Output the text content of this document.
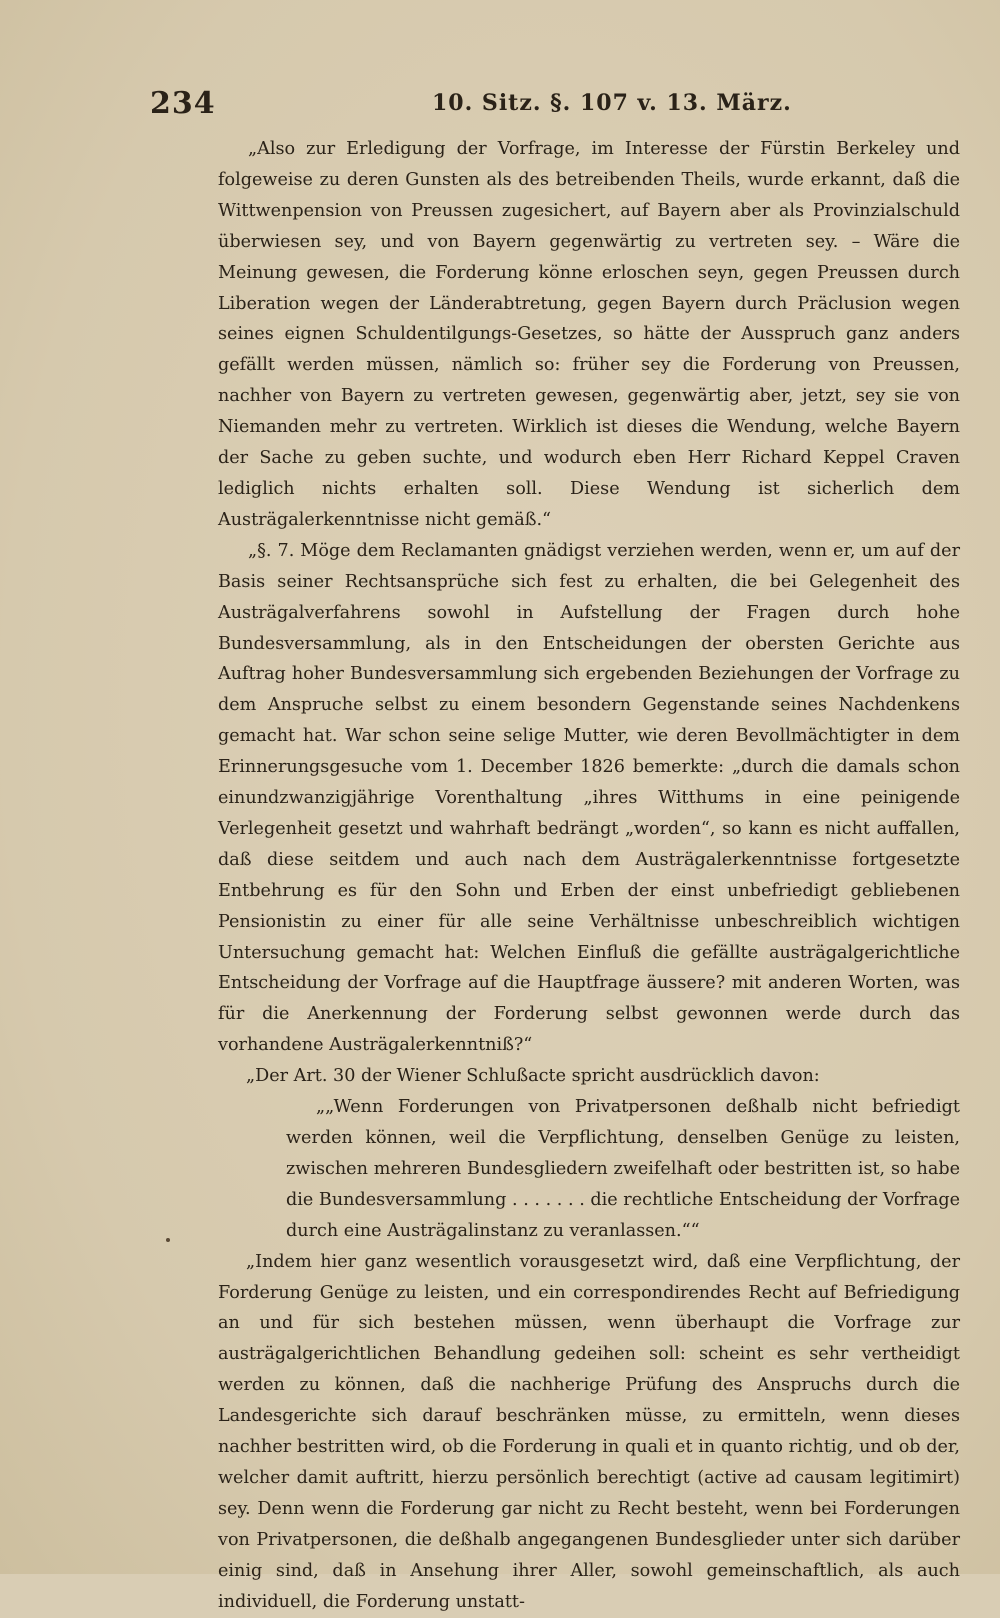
234	10. Sitz. §. 107 v. 13. März.

„Also zur Erledigung der Vorfrage, im Interesse der Fürstin Berkeley und folgeweise zu deren Gunsten als des betreibenden Theils, wurde erkannt, daß die Wittwenpension von Preussen zugesichert, auf Bayern aber als Provinzialschuld überwiesen sey, und von Bayern gegenwärtig zu vertreten sey. – Wäre die Meinung gewesen, die Forderung könne erloschen seyn, gegen Preussen durch Liberation wegen der Länderabtretung, gegen Bayern durch Präclusion wegen seines eignen Schuldentilgungs-Gesetzes, so hätte der Ausspruch ganz anders gefällt werden müssen, nämlich so: früher sey die Forderung von Preussen, nachher von Bayern zu vertreten gewesen, gegenwärtig aber, jetzt, sey sie von Niemanden mehr zu vertreten. Wirklich ist dieses die Wendung, welche Bayern der Sache zu geben suchte, und wodurch eben Herr Richard Keppel Craven lediglich nichts erhalten soll. Diese Wendung ist sicherlich dem Austrägalerkenntnisse nicht gemäß.“

„§. 7. Möge dem Reclamanten gnädigst verziehen werden, wenn er, um auf der Basis seiner Rechtsansprüche sich fest zu erhalten, die bei Gelegenheit des Austrägalverfahrens sowohl in Aufstellung der Fragen durch hohe Bundesversammlung, als in den Entscheidungen der obersten Gerichte aus Auftrag hoher Bundesversammlung sich ergebenden Beziehungen der Vorfrage zu dem Anspruche selbst zu einem besondern Gegenstande seines Nachdenkens gemacht hat. War schon seine selige Mutter, wie deren Bevollmächtigter in dem Erinnerungsgesuche vom 1. December 1826 bemerkte: „durch die damals schon einundzwanzigjährige Vorenthaltung „ihres Witthums in eine peinigende Verlegenheit gesetzt und wahrhaft bedrängt „worden“, so kann es nicht auffallen, daß diese seitdem und auch nach dem Austrägalerkenntnisse fortgesetzte Entbehrung es für den Sohn und Erben der einst unbefriedigt gebliebenen Pensionistin zu einer für alle seine Verhältnisse unbeschreiblich wichtigen Untersuchung gemacht hat: Welchen Einfluß die gefällte austrägalgerichtliche Entscheidung der Vorfrage auf die Hauptfrage äussere? mit anderen Worten, was für die Anerkennung der Forderung selbst gewonnen werde durch das vorhandene Austrägalerkenntniß?“

„Der Art. 30 der Wiener Schlußacte spricht ausdrücklich davon:

„„Wenn Forderungen von Privatpersonen deßhalb nicht befriedigt werden können, weil die Verpflichtung, denselben Genüge zu leisten, zwischen mehreren Bundesgliedern zweifelhaft oder bestritten ist, so habe die Bundesversammlung . . . . . . . die rechtliche Entscheidung der Vorfrage durch eine Austrägalinstanz zu veranlassen.““

„Indem hier ganz wesentlich vorausgesetzt wird, daß eine Verpflichtung, der Forderung Genüge zu leisten, und ein correspondirendes Recht auf Befriedigung an und für sich bestehen müssen, wenn überhaupt die Vorfrage zur austrägalgerichtlichen Behandlung gedeihen soll: scheint es sehr vertheidigt werden zu können, daß die nachherige Prüfung des Anspruchs durch die Landesgerichte sich darauf beschränken müsse, zu ermitteln, wenn dieses nachher bestritten wird, ob die Forderung in quali et in quanto richtig, und ob der, welcher damit auftritt, hierzu persönlich berechtigt (active ad causam legitimirt) sey. Denn wenn die Forderung gar nicht zu Recht besteht, wenn bei Forderungen von Privatpersonen, die deßhalb angegangenen Bundesglieder unter sich darüber einig sind, daß in Ansehung ihrer Aller, sowohl gemeinschaftlich, als auch individuell, die Forderung unstatt-
